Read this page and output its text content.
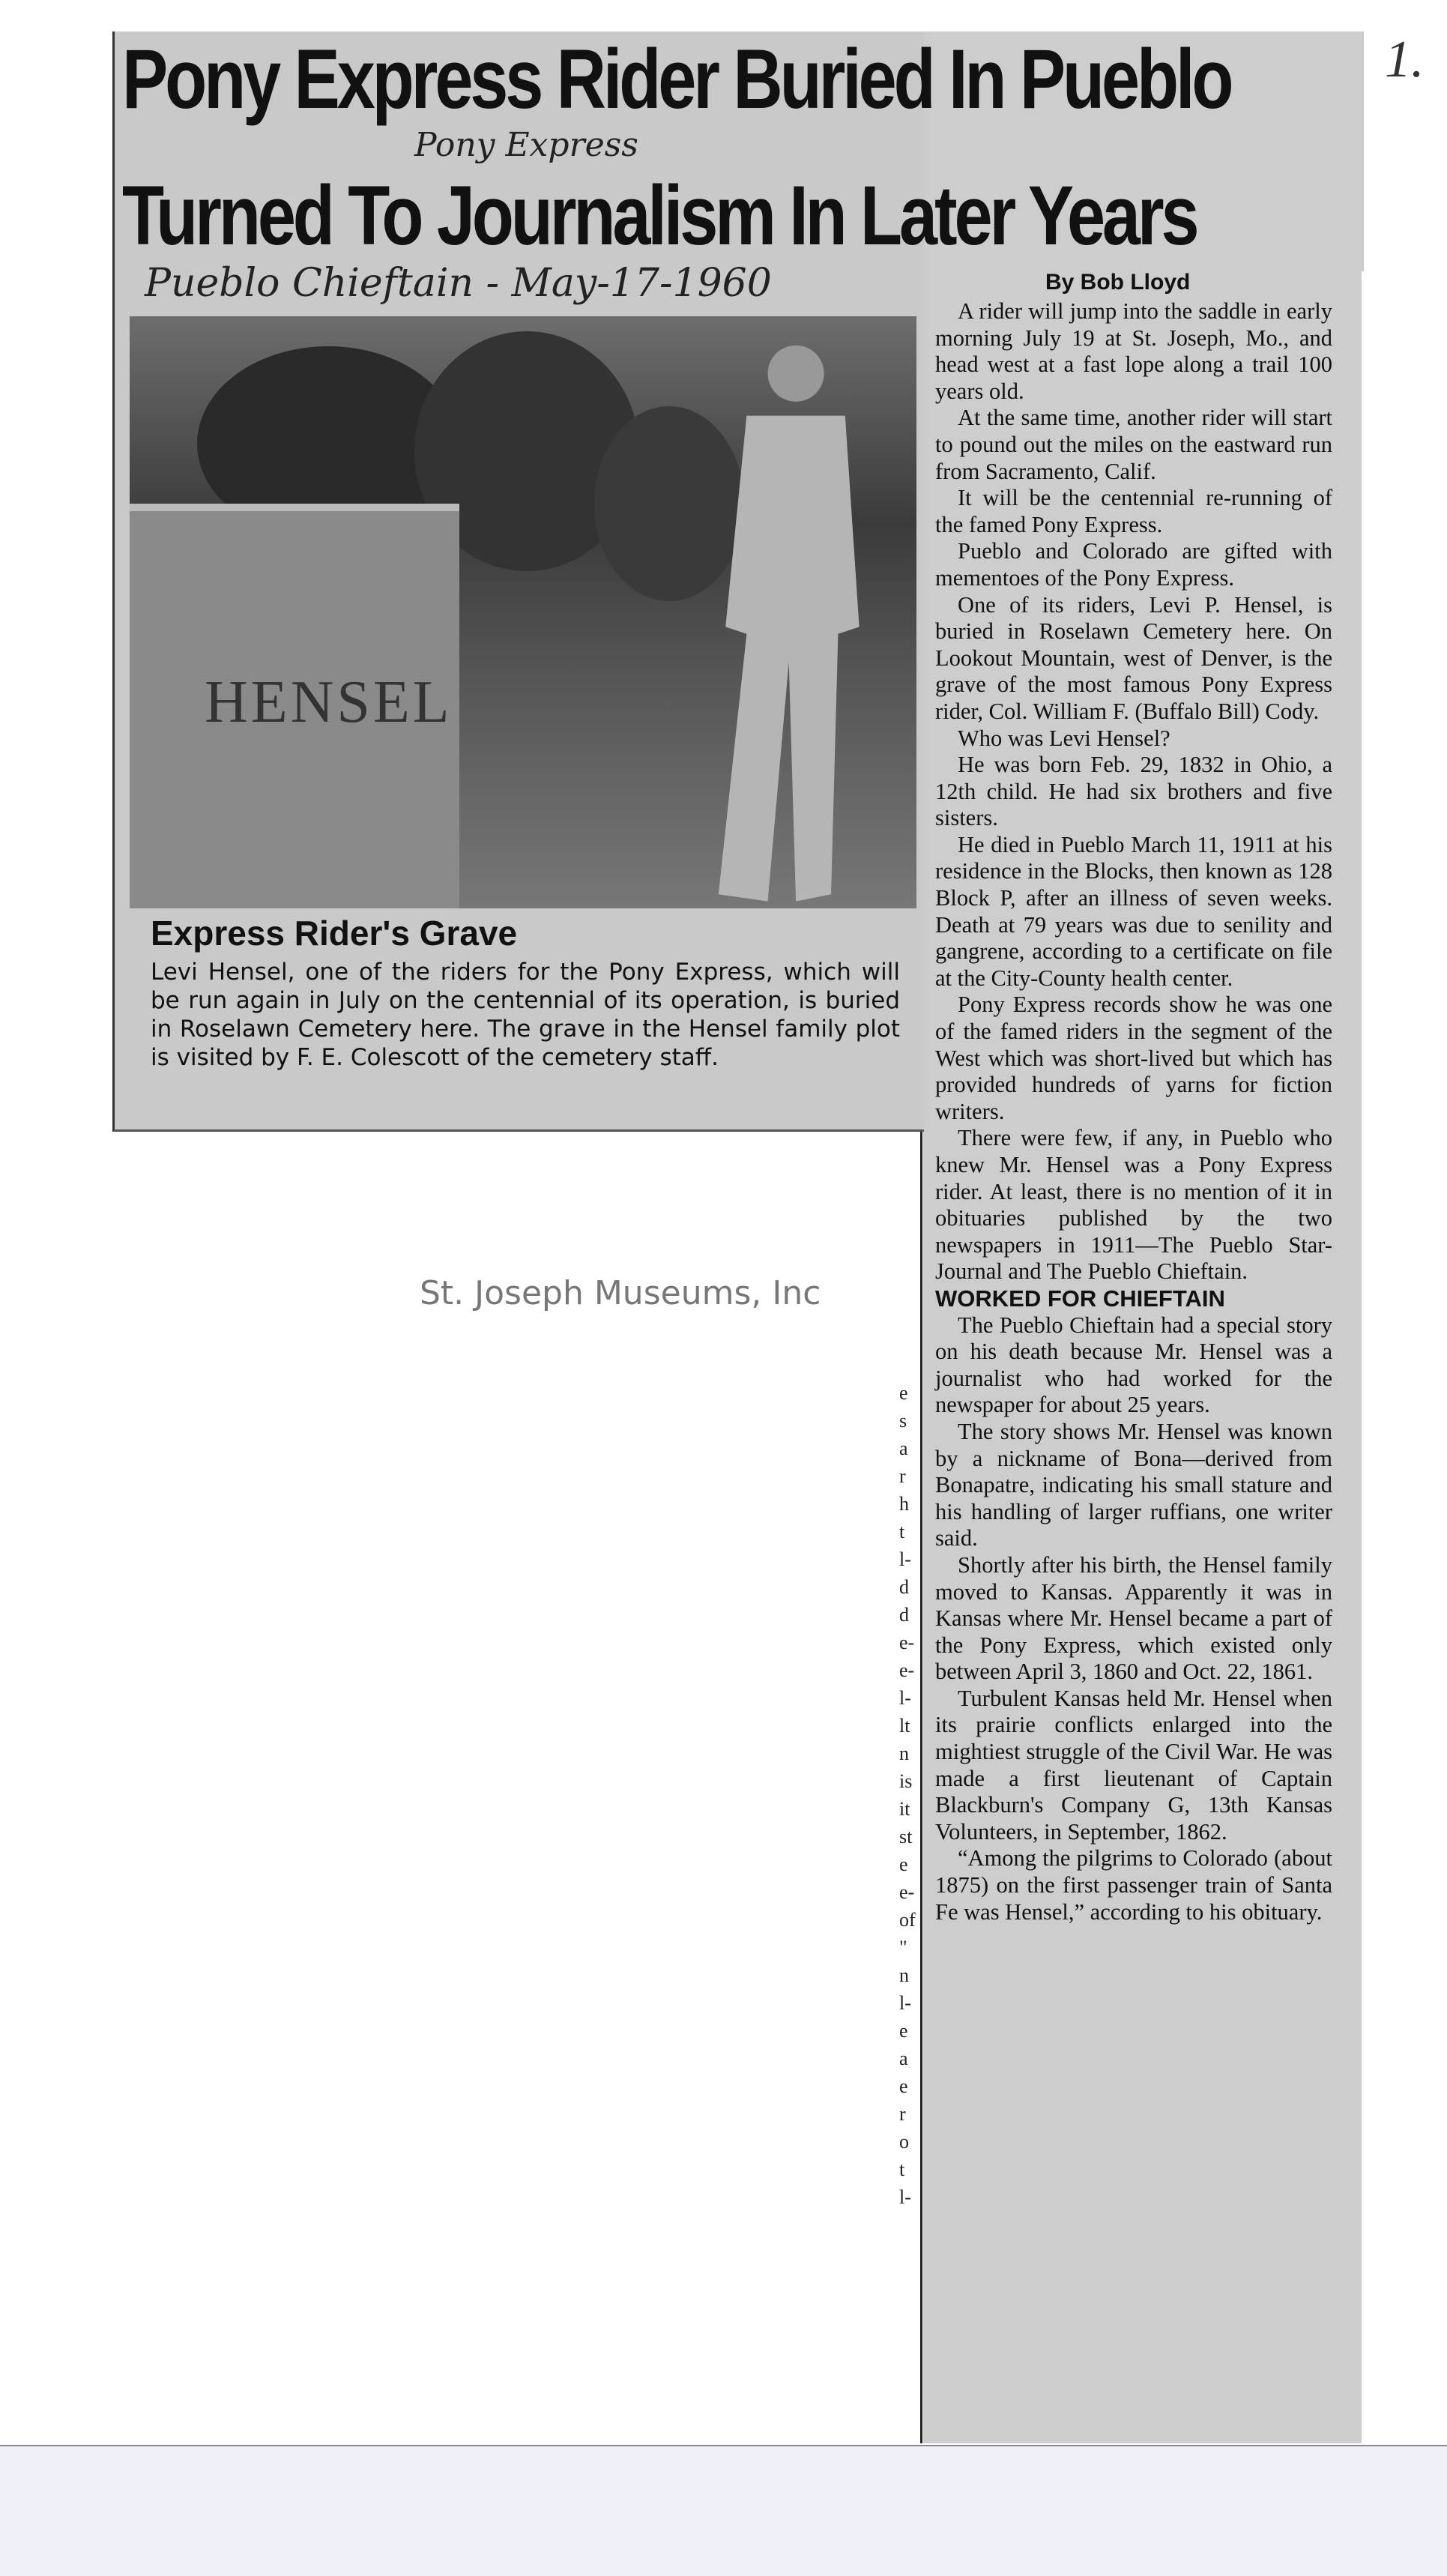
HENSEL
Express Rider's Grave
Levi Hensel, one of the riders for the Pony Express, which will be run again in July on the centennial of its operation, is buried in Roselawn Cemetery here. The grave in the Hensel family plot is visited by F. E. Colescott of the cemetery staff.
Pony Express Rider Buried In Pueblo
Pony Express
Turned To Journalism In Later Years
Pueblo Chieftain - May-17-1960
1.
By Bob Lloyd

A rider will jump into the saddle in early morning July 19 at St. Joseph, Mo., and head west at a fast lope along a trail 100 years old.

At the same time, another rider will start to pound out the miles on the eastward run from Sacramento, Calif.

It will be the centennial re-running of the famed Pony Express.

Pueblo and Colorado are gifted with mementoes of the Pony Express.

One of its riders, Levi P. Hensel, is buried in Roselawn Cemetery here. On Lookout Mountain, west of Denver, is the grave of the most famous Pony Express rider, Col. William F. (Buffalo Bill) Cody.

Who was Levi Hensel?

He was born Feb. 29, 1832 in Ohio, a 12th child. He had six brothers and five sisters.

He died in Pueblo March 11, 1911 at his residence in the Blocks, then known as 128 Block P, after an illness of seven weeks. Death at 79 years was due to senility and gangrene, according to a certificate on file at the City-County health center.

Pony Express records show he was one of the famed riders in the segment of the West which was short-lived but which has provided hundreds of yarns for fiction writers.

There were few, if any, in Pueblo who knew Mr. Hensel was a Pony Express rider. At least, there is no mention of it in obituaries published by the two newspapers in 1911—The Pueblo Star-Journal and The Pueblo Chieftain.

WORKED FOR CHIEFTAIN

The Pueblo Chieftain had a special story on his death because Mr. Hensel was a journalist who had worked for the newspaper for about 25 years.

The story shows Mr. Hensel was known by a nickname of Bona—derived from Bonapatre, indicating his small stature and his handling of larger ruffians, one writer said.

Shortly after his birth, the Hensel family moved to Kansas. Apparently it was in Kansas where Mr. Hensel became a part of the Pony Express, which existed only between April 3, 1860 and Oct. 22, 1861.

Turbulent Kansas held Mr. Hensel when its prairie conflicts enlarged into the mightiest struggle of the Civil War. He was made a first lieutenant of Captain Blackburn's Company G, 13th Kansas Volunteers, in September, 1862.

“Among the pilgrims to Colorado (about 1875) on the first passenger train of Santa Fe was Hensel,” according to his obituary.

e s a r h t l- d d e- e- l- lt n is it st e e- of " n l- e a e r o t l-
St. Joseph Museums, Inc
